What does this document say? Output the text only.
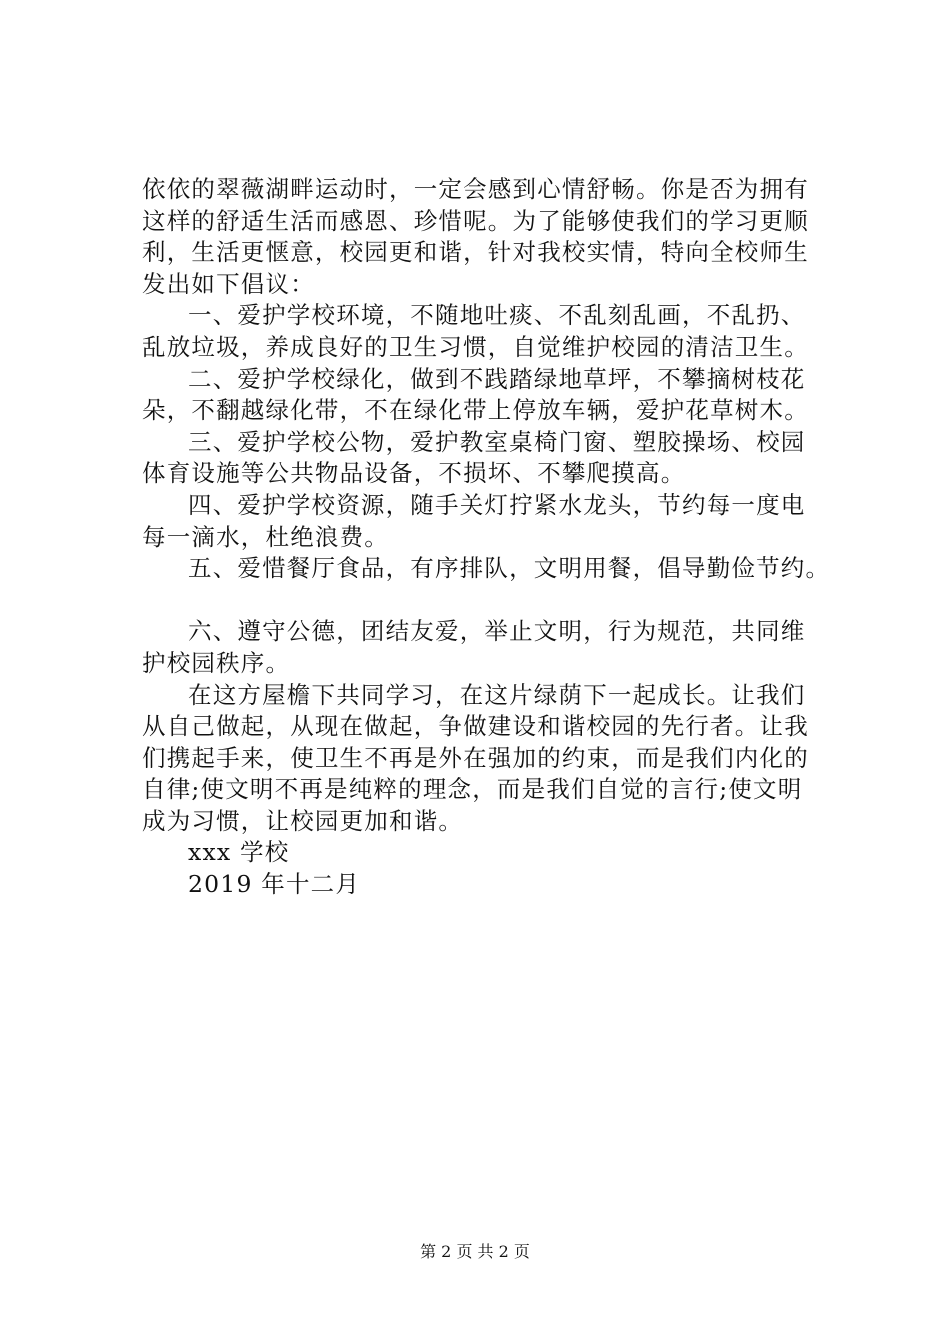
依依的翠薇湖畔运动时，一定会感到心情舒畅。你是否为拥有
这样的舒适生活而感恩、珍惜呢。为了能够使我们的学习更顺
利，生活更惬意，校园更和谐，针对我校实情，特向全校师生
发出如下倡议：
一、爱护学校环境，不随地吐痰、不乱刻乱画，不乱扔、
乱放垃圾，养成良好的卫生习惯，自觉维护校园的清洁卫生。
二、爱护学校绿化，做到不践踏绿地草坪，不攀摘树枝花
朵，不翻越绿化带，不在绿化带上停放车辆，爱护花草树木。
三、爱护学校公物，爱护教室桌椅门窗、塑胶操场、校园
体育设施等公共物品设备，不损坏、不攀爬摸高。
四、爱护学校资源，随手关灯拧紧水龙头，节约每一度电
每一滴水，杜绝浪费。
五、爱惜餐厅食品，有序排队，文明用餐，倡导勤俭节约。
六、遵守公德，团结友爱，举止文明，行为规范，共同维
护校园秩序。
在这方屋檐下共同学习，在这片绿荫下一起成长。让我们
从自己做起，从现在做起，争做建设和谐校园的先行者。让我
们携起手来，使卫生不再是外在强加的约束，而是我们内化的
自律;使文明不再是纯粹的理念，而是我们自觉的言行;使文明
成为习惯，让校园更加和谐。
xxx 学校
2019 年十二月
第 2 页 共 2 页
